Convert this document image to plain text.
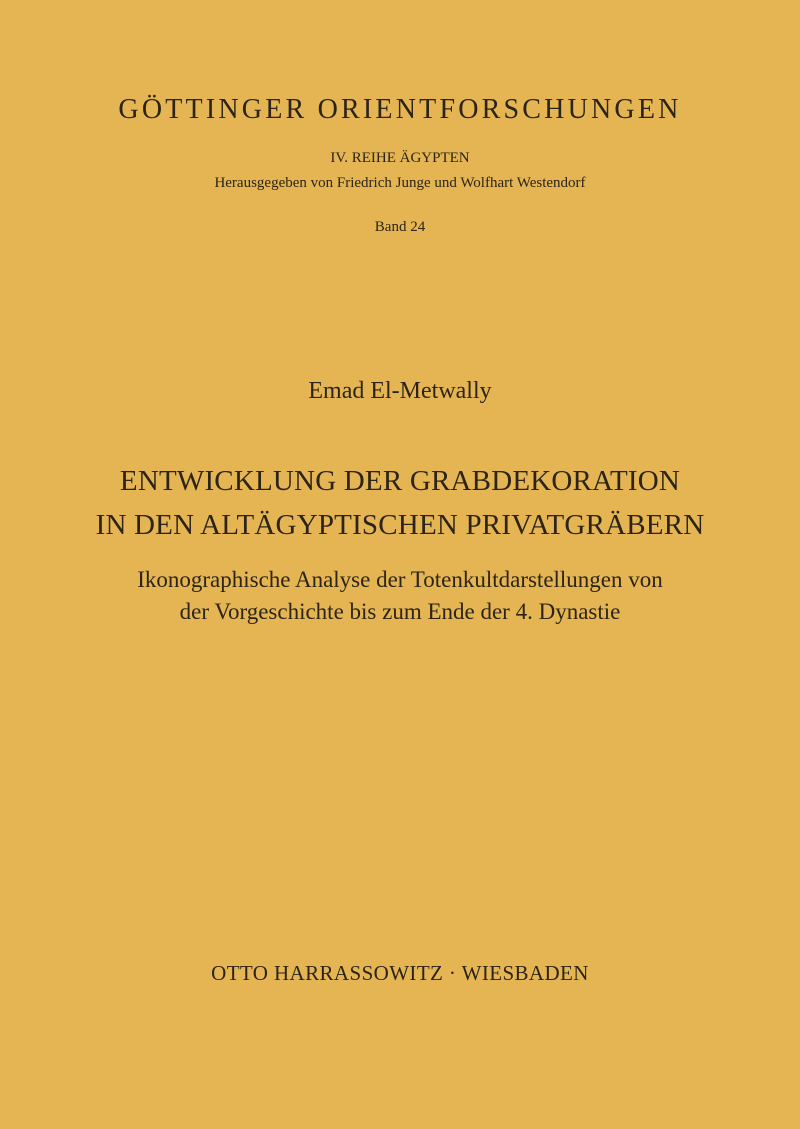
GÖTTINGER ORIENTFORSCHUNGEN
IV. REIHE ÄGYPTEN
Herausgegeben von Friedrich Junge und Wolfhart Westendorf
Band 24
Emad El-Metwally
ENTWICKLUNG DER GRABDEKORATION
IN DEN ALTÄGYPTISCHEN PRIVATGRÄBERN
Ikonographische Analyse der Totenkultdarstellungen von
der Vorgeschichte bis zum Ende der 4. Dynastie
OTTO HARRASSOWITZ · WIESBADEN
